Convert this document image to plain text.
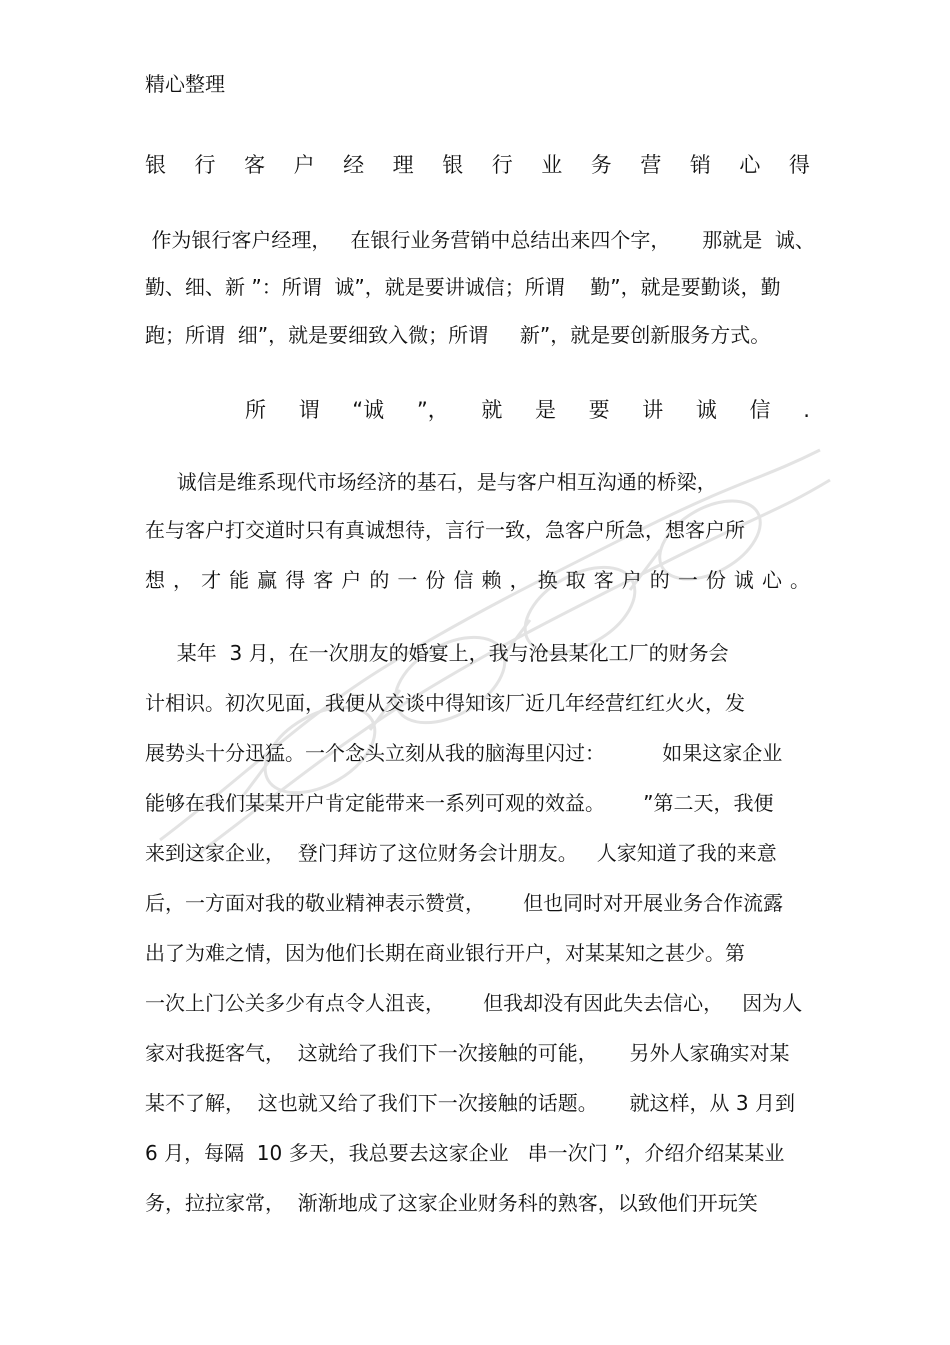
精心整理
银 行 客 户 经 理 银 行 业 务 营 销 心 得
作为银行客户经理，   在银行业务营销中总结出来四个字，     那就是  诚、
勤、细、新 ”：所谓  诚”，就是要讲诚信；所谓    勤”，就是要勤谈，勤
跑；所谓  细”，就是要细致入微；所谓     新”，就是要创新服务方式。
所 谓 “诚 ”， 就 是 要 讲 诚 信 .
诚信是维系现代市场经济的基石，是与客户相互沟通的桥梁，
在与客户打交道时只有真诚想待，言行一致，急客户所急，想客户所
想，才能赢得客户的一份信赖，换取客户的一份诚心。
某年  3 月，在一次朋友的婚宴上，我与沧县某化工厂的财务会
计相识。初次见面，我便从交谈中得知该厂近几年经营红红火火，发
展势头十分迅猛。一个念头立刻从我的脑海里闪过：         如果这家企业
能够在我们某某开户肯定能带来一系列可观的效益。      ”第二天，我便
来到这家企业，  登门拜访了这位财务会计朋友。   人家知道了我的来意
后，一方面对我的敬业精神表示赞赏，      但也同时对开展业务合作流露
出了为难之情，因为他们长期在商业银行开户，对某某知之甚少。第
一次上门公关多少有点令人沮丧，      但我却没有因此失去信心，   因为人
家对我挺客气，  这就给了我们下一次接触的可能，     另外人家确实对某
某不了解，  这也就又给了我们下一次接触的话题。     就这样，从 3 月到
6 月，每隔  10 多天，我总要去这家企业   串一次门 ”，介绍介绍某某业
务，拉拉家常，  渐渐地成了这家企业财务科的熟客，以致他们开玩笑
